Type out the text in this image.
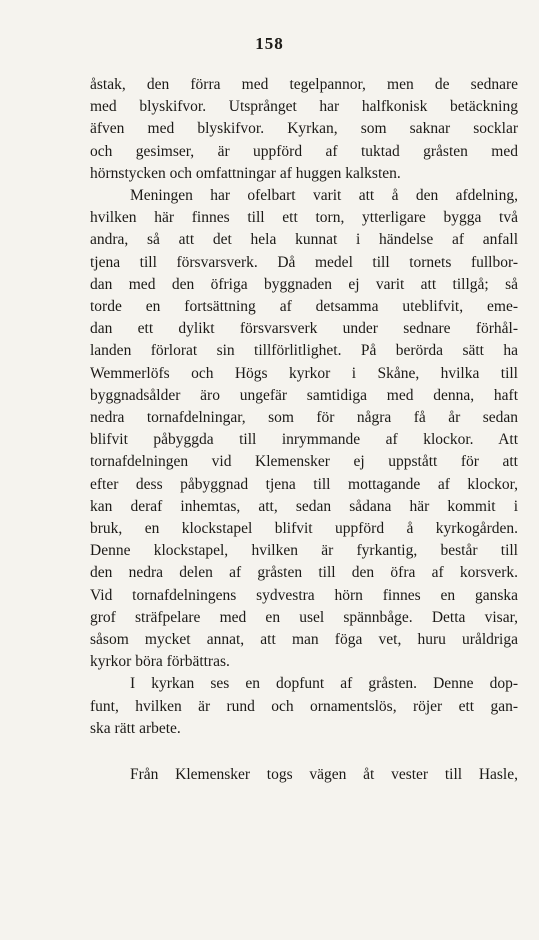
158
åstak, den förra med tegelpannor, men de sednare
med blyskifvor. Utsprånget har halfkonisk betäckning
äfven med blyskifvor. Kyrkan, som saknar socklar
och gesimser, är uppförd af tuktad gråsten med
hörnstycken och omfattningar af huggen kalksten.
Meningen har ofelbart varit att å den afdelning,
hvilken här finnes till ett torn, ytterligare bygga två
andra, så att det hela kunnat i händelse af anfall
tjena till försvarsverk. Då medel till tornets fullbor-
dan med den öfriga byggnaden ej varit att tillgå; så
torde en fortsättning af detsamma uteblifvit, eme-
dan ett dylikt försvarsverk under sednare förhål-
landen förlorat sin tillförlitlighet. På berörda sätt ha
Wemmerlöfs och Högs kyrkor i Skåne, hvilka till
byggnadsålder äro ungefär samtidiga med denna, haft
nedra tornafdelningar, som för några få år sedan
blifvit påbyggda till inrymmande af klockor. Att
tornafdelningen vid Klemensker ej uppstått för att
efter dess påbyggnad tjena till mottagande af klockor,
kan deraf inhemtas, att, sedan sådana här kommit i
bruk, en klockstapel blifvit uppförd å kyrkogården.
Denne klockstapel, hvilken är fyrkantig, består till
den nedra delen af gråsten till den öfra af korsverk.
Vid tornafdelningens sydvestra hörn finnes en ganska
grof sträfpelare med en usel spännbåge. Detta visar,
såsom mycket annat, att man föga vet, huru uråldriga
kyrkor böra förbättras.
I kyrkan ses en dopfunt af gråsten. Denne dop-
funt, hvilken är rund och ornamentslös, röjer ett gan-
ska rätt arbete.
Från Klemensker togs vägen åt vester till Hasle,
